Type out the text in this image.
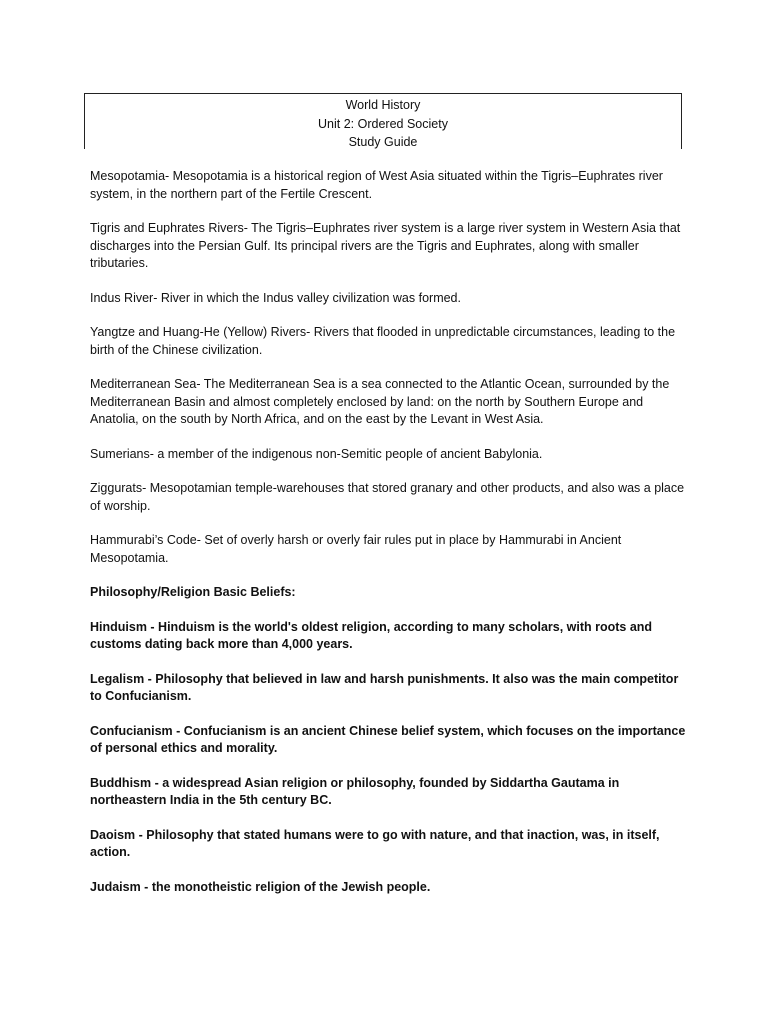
World History
Unit 2: Ordered Society
Study Guide

Mesopotamia- Mesopotamia is a historical region of West Asia situated within the Tigris–Euphrates river system, in the northern part of the Fertile Crescent.

Tigris and Euphrates Rivers- The Tigris–Euphrates river system is a large river system in Western Asia that discharges into the Persian Gulf. Its principal rivers are the Tigris and Euphrates, along with smaller tributaries.

Indus River- River in which the Indus valley civilization was formed.

Yangtze and Huang-He (Yellow) Rivers- Rivers that flooded in unpredictable circumstances, leading to the birth of the Chinese civilization.

Mediterranean Sea- The Mediterranean Sea is a sea connected to the Atlantic Ocean, surrounded by the Mediterranean Basin and almost completely enclosed by land: on the north by Southern Europe and Anatolia, on the south by North Africa, and on the east by the Levant in West Asia.

Sumerians- a member of the indigenous non-Semitic people of ancient Babylonia.

Ziggurats- Mesopotamian temple-warehouses that stored granary and other products, and also was a place of worship.

Hammurabi’s Code- Set of overly harsh or overly fair rules put in place by Hammurabi in Ancient Mesopotamia.

Philosophy/Religion Basic Beliefs:

Hinduism - Hinduism is the world's oldest religion, according to many scholars, with roots and customs dating back more than 4,000 years.

Legalism - Philosophy that believed in law and harsh punishments. It also was the main competitor to Confucianism.

Confucianism - Confucianism is an ancient Chinese belief system, which focuses on the importance of personal ethics and morality.

Buddhism - a widespread Asian religion or philosophy, founded by Siddartha Gautama in northeastern India in the 5th century BC.

Daoism - Philosophy that stated humans were to go with nature, and that inaction, was, in itself, action.

Judaism - the monotheistic religion of the Jewish people.
